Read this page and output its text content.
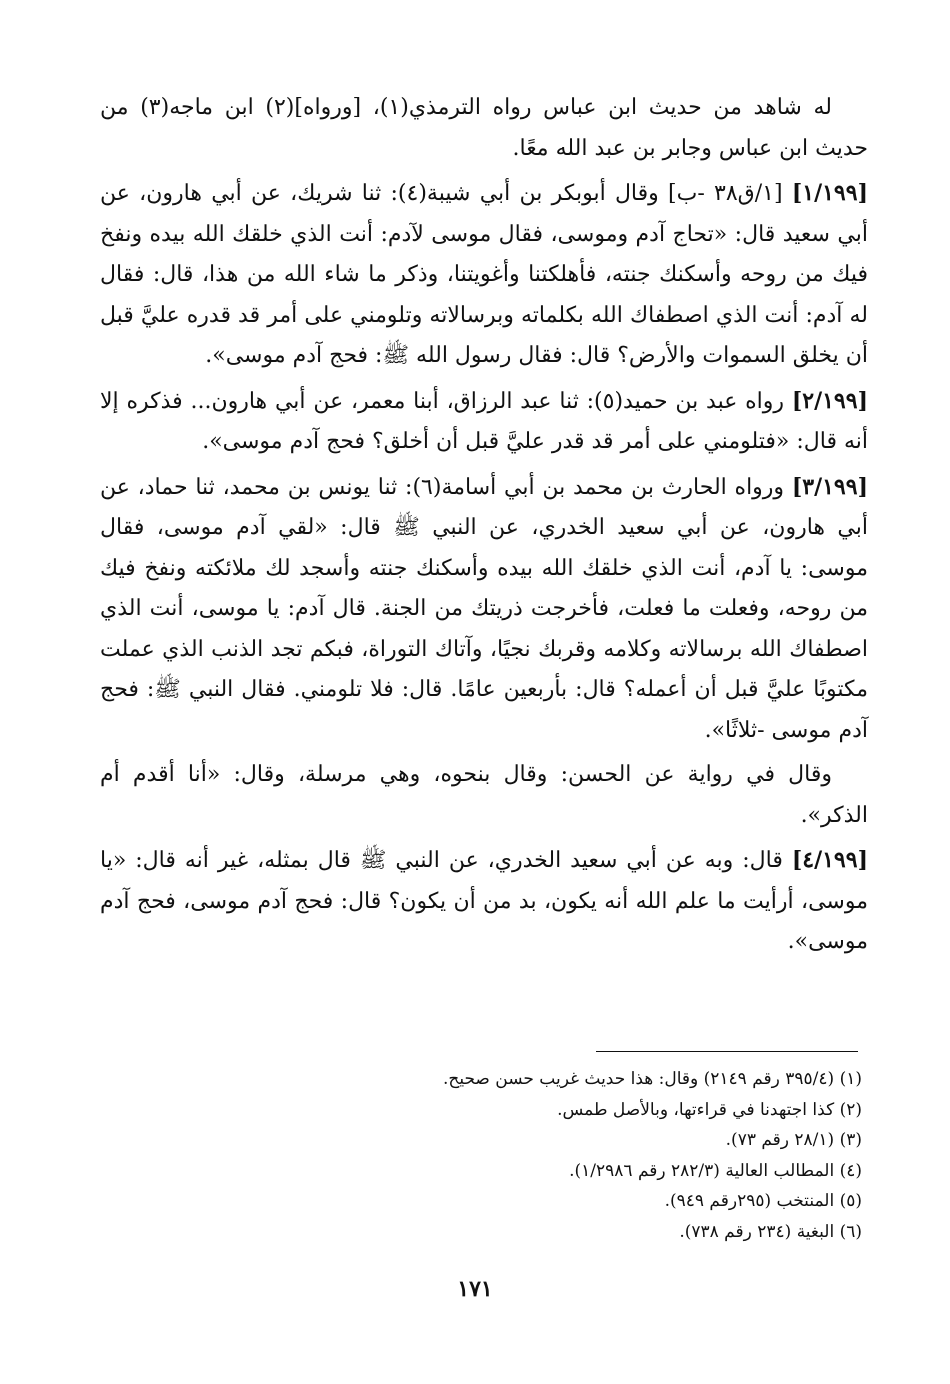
له شاهد من حديث ابن عباس رواه الترمذي(١)، [ورواه](٢) ابن ماجه(٣) من حديث ابن عباس وجابر بن عبد الله معًا.

[١/١٩٩] [١/ق٣٨ -ب] وقال أبوبكر بن أبي شيبة(٤): ثنا شريك، عن أبي هارون، عن أبي سعيد قال: «تحاج آدم وموسى، فقال موسى لآدم: أنت الذي خلقك الله بيده ونفخ فيك من روحه وأسكنك جنته، فأهلكتنا وأغويتنا، وذكر ما شاء الله من هذا، قال: فقال له آدم: أنت الذي اصطفاك الله بكلماته وبرسالاته وتلومني على أمر قد قدره عليَّ قبل أن يخلق السموات والأرض؟ قال: فقال رسول الله ﷺ: فحج آدم موسى».

[٢/١٩٩] رواه عبد بن حميد(٥): ثنا عبد الرزاق، أبنا معمر، عن أبي هارون... فذكره إلا أنه قال: «فتلومني على أمر قد قدر عليَّ قبل أن أخلق؟ فحج آدم موسى».

[٣/١٩٩] ورواه الحارث بن محمد بن أبي أسامة(٦): ثنا يونس بن محمد، ثنا حماد، عن أبي هارون، عن أبي سعيد الخدري، عن النبي ﷺ قال: «لقي آدم موسى، فقال موسى: يا آدم، أنت الذي خلقك الله بيده وأسكنك جنته وأسجد لك ملائكته ونفخ فيك من روحه، وفعلت ما فعلت، فأخرجت ذريتك من الجنة. قال آدم: يا موسى، أنت الذي اصطفاك الله برسالاته وكلامه وقربك نجيًا، وآتاك التوراة، فبكم تجد الذنب الذي عملت مكتوبًا عليَّ قبل أن أعمله؟ قال: بأربعين عامًا. قال: فلا تلومني. فقال النبي ﷺ: فحج آدم موسى -ثلاثًا».

وقال في رواية عن الحسن: وقال بنحوه، وهي مرسلة، وقال: «أنا أقدم أم الذكر».

[٤/١٩٩] قال: وبه عن أبي سعيد الخدري، عن النبي ﷺ قال بمثله، غير أنه قال: «يا موسى، أرأيت ما علم الله أنه يكون، بد من أن يكون؟ قال: فحج آدم موسى، فحج آدم موسى».

(١) (٣٩٥/٤ رقم ٢١٤٩) وقال: هذا حديث غريب حسن صحيح.

(٢) كذا اجتهدنا في قراءتها، وبالأصل طمس.

(٣) (٢٨/١ رقم ٧٣).

(٤) المطالب العالية (٢٨٢/٣ رقم ١/٢٩٨٦).

(٥) المنتخب (٢٩٥رقم ٩٤٩).

(٦) البغية (٢٣٤ رقم ٧٣٨).

١٧١
